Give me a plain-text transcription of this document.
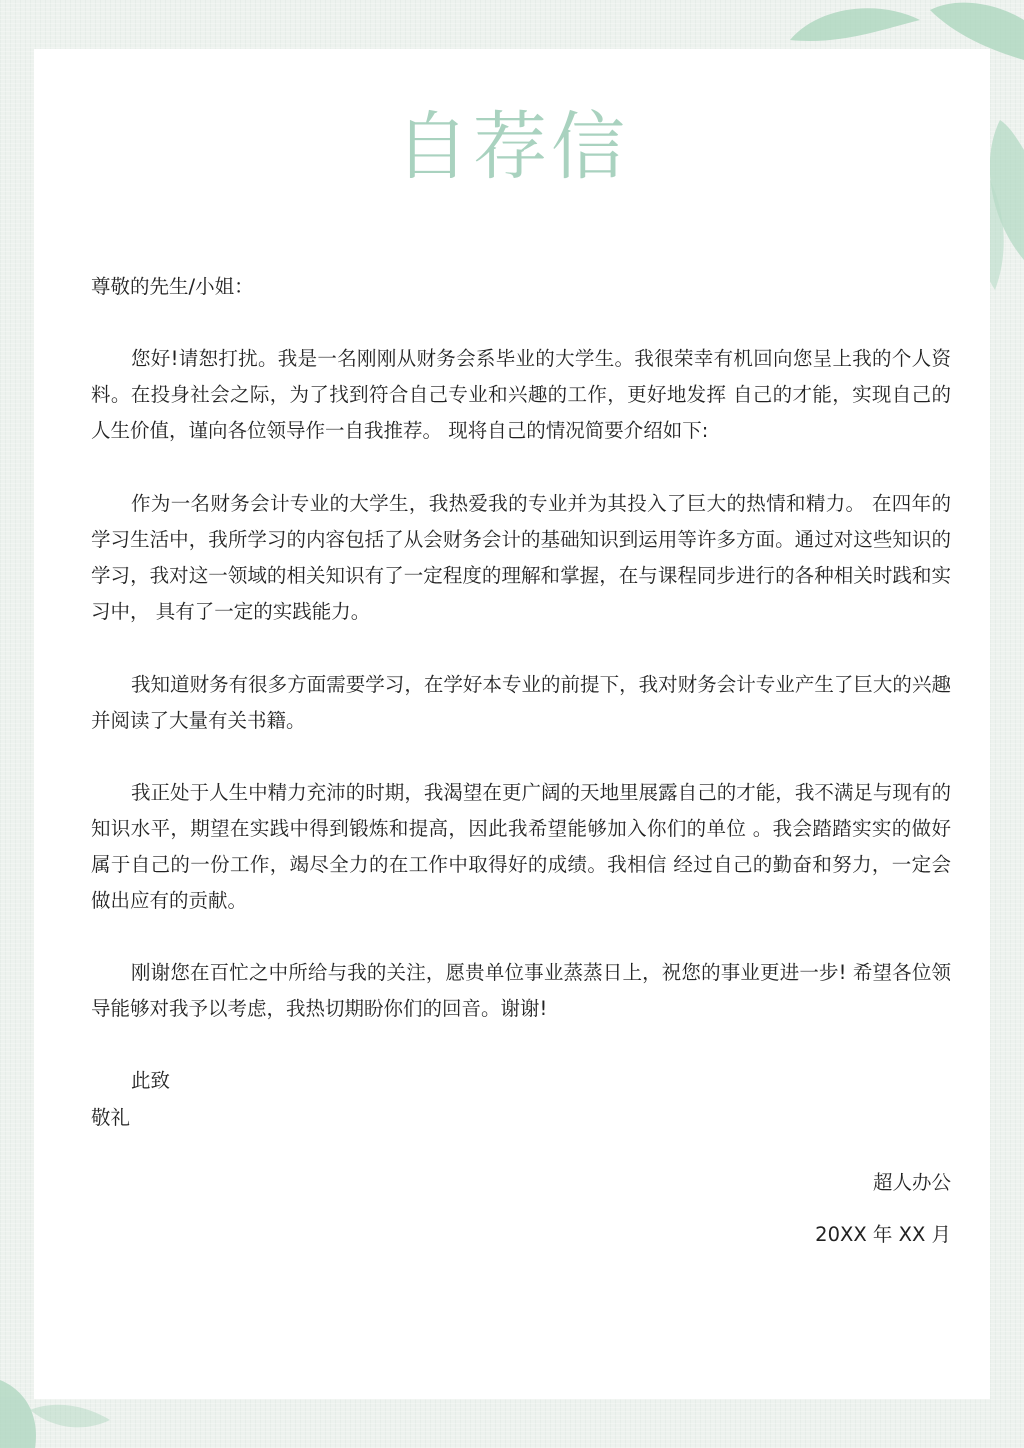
自荐信
尊敬的先生/小姐：

您好!请恕打扰。我是一名刚刚从财务会系毕业的大学生。我很荣幸有机回向您呈上我的个人资料。在投身社会之际，为了找到符合自己专业和兴趣的工作，更好地发挥 自己的才能，实现自己的人生价值，谨向各位领导作一自我推荐。 现将自己的情况简要介绍如下:

作为一名财务会计专业的大学生，我热爱我的专业并为其投入了巨大的热情和精力。 在四年的学习生活中，我所学习的内容包括了从会财务会计的基础知识到运用等许多方面。通过对这些知识的学习，我对这一领域的相关知识有了一定程度的理解和掌握，在与课程同步进行的各种相关时践和实习中， 具有了一定的实践能力。

我知道财务有很多方面需要学习，在学好本专业的前提下，我对财务会计专业产生了巨大的兴趣并阅读了大量有关书籍。

我正处于人生中精力充沛的时期，我渴望在更广阔的天地里展露自己的才能，我不满足与现有的知识水平，期望在实践中得到锻炼和提高，因此我希望能够加入你们的单位 。我会踏踏实实的做好属于自己的一份工作，竭尽全力的在工作中取得好的成绩。我相信 经过自己的勤奋和努力，一定会做出应有的贡献。

刚谢您在百忙之中所给与我的关注，愿贵单位事业蒸蒸日上，祝您的事业更进一步! 希望各位领导能够对我予以考虑，我热切期盼你们的回音。谢谢!

此致
敬礼
超人办公
20XX 年 XX 月
